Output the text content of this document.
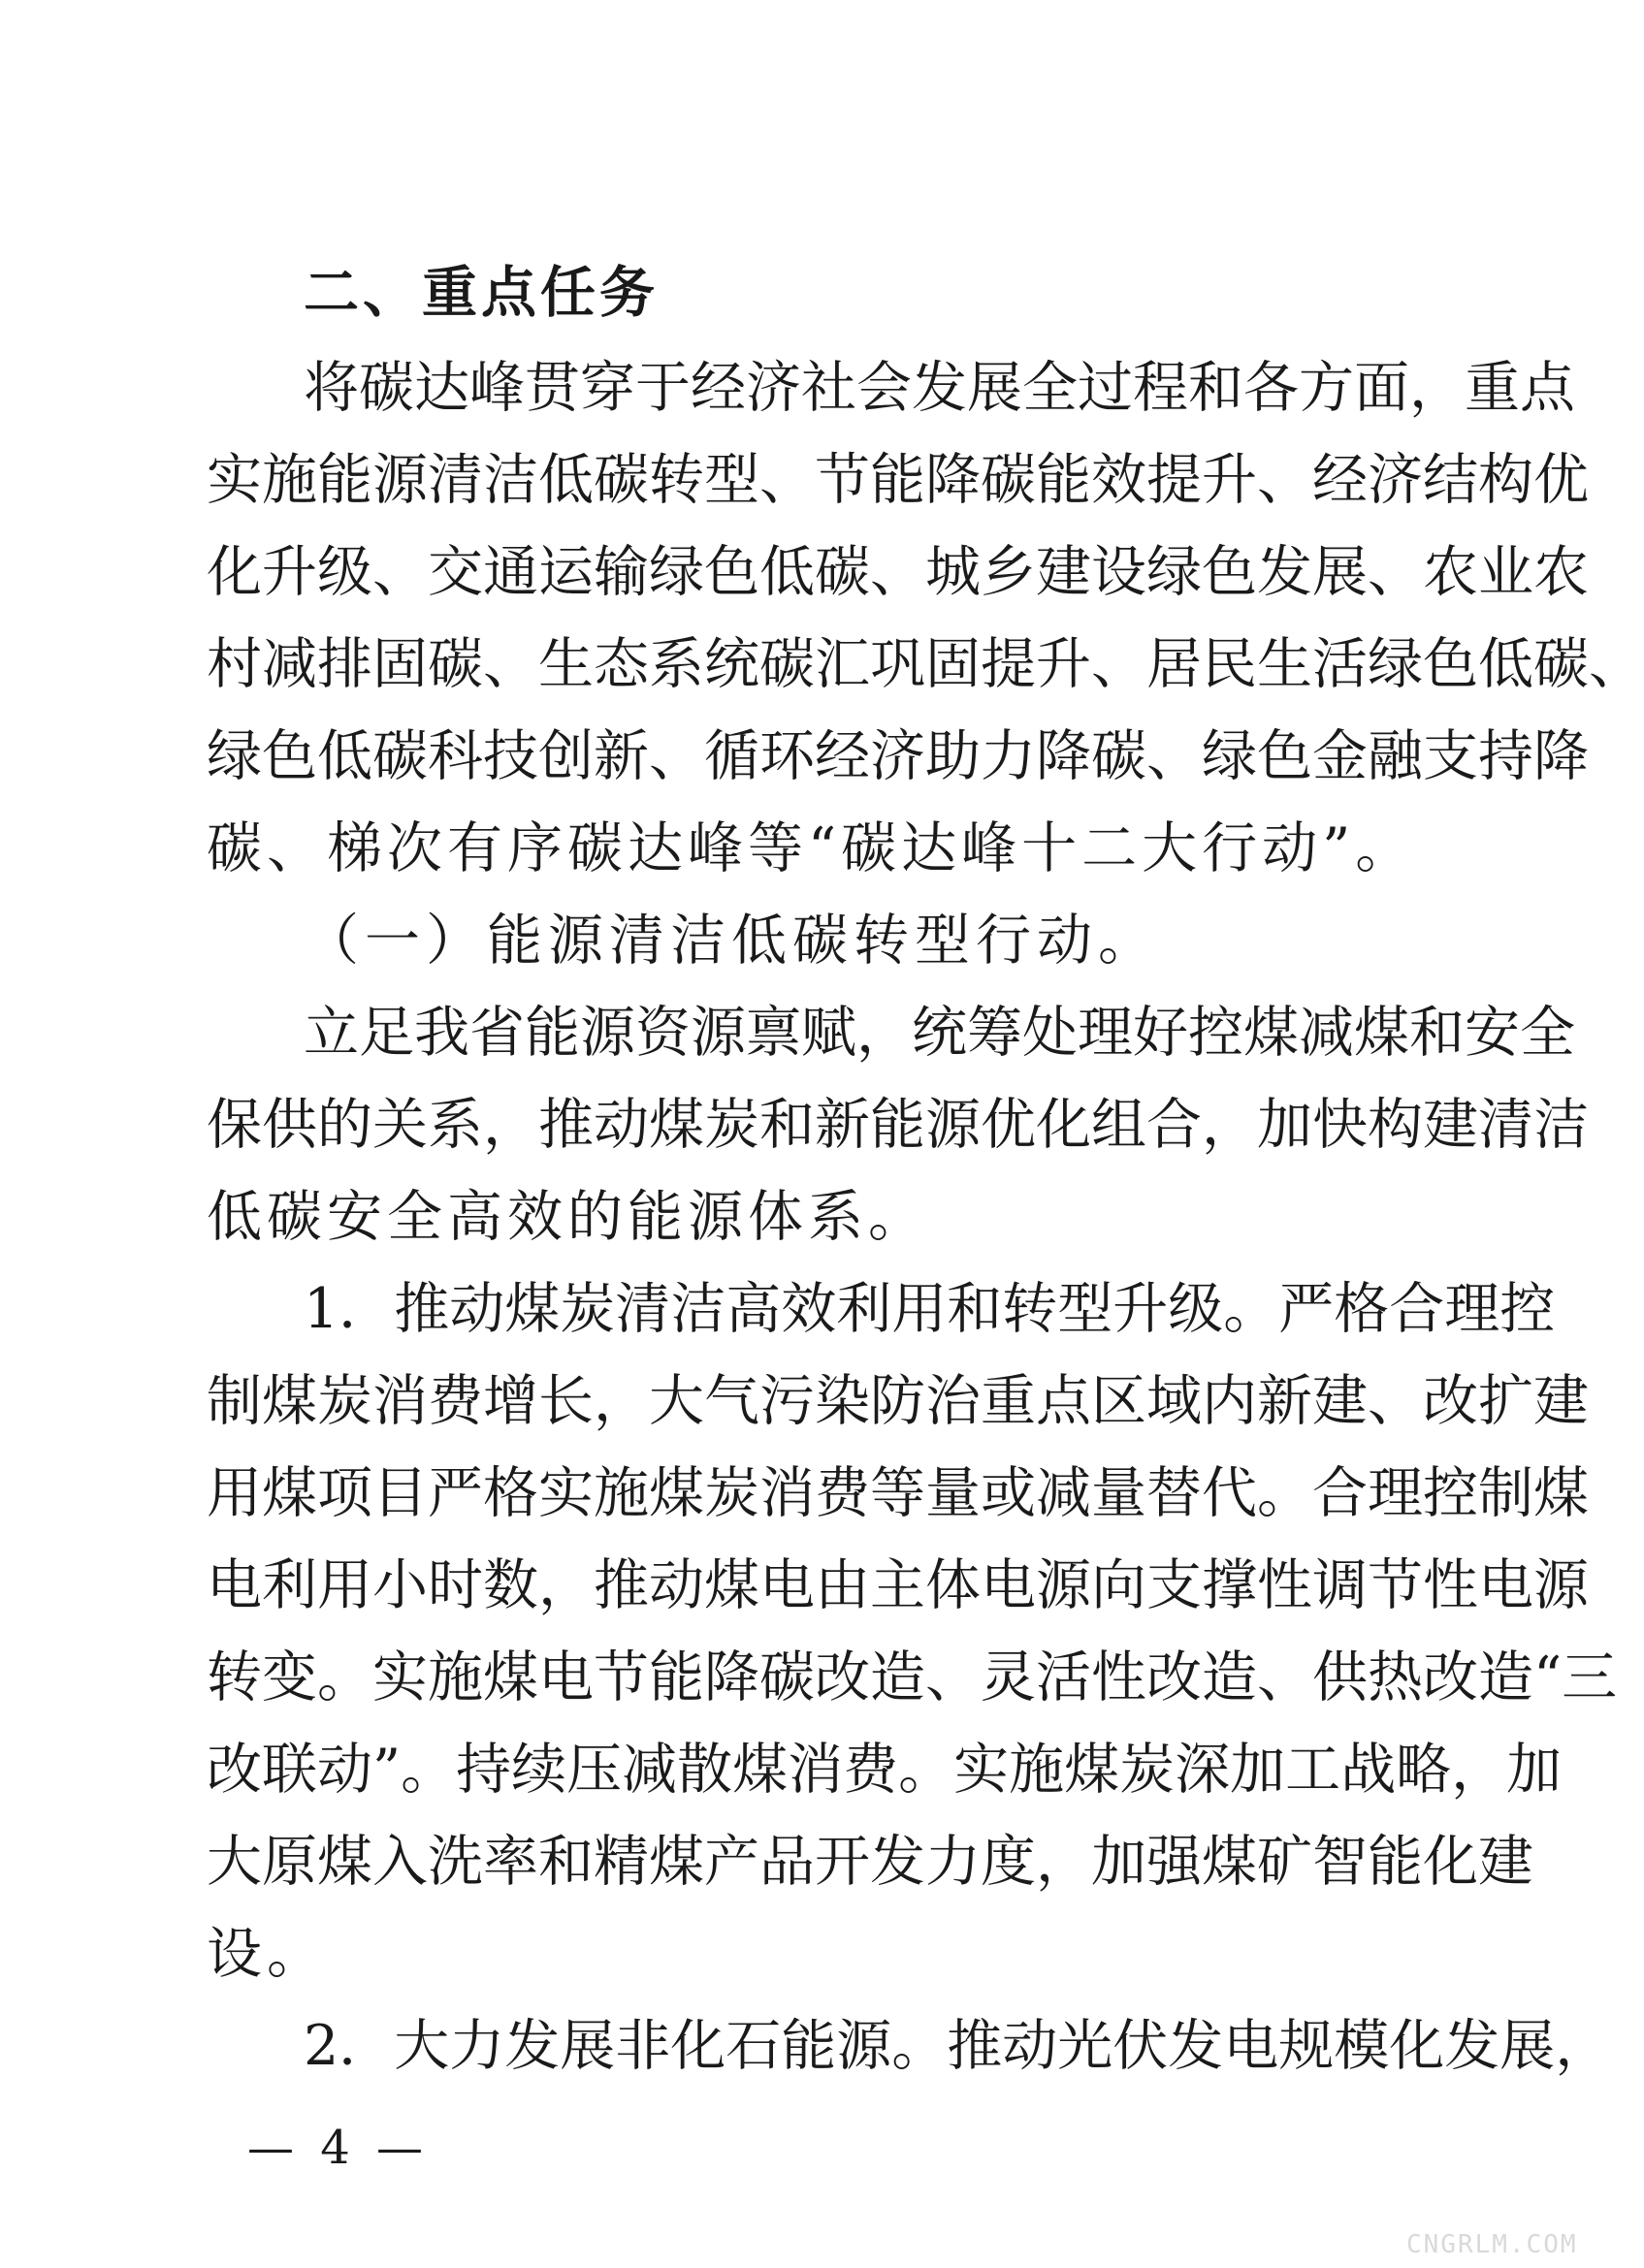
二、重点任务
将 碳 达 峰 贯 穿 于 经 济 社 会 发 展 全 过 程 和 各 方 面 ， 重 点
实 施 能 源 清 洁 低 碳 转 型 、 节 能 降 碳 能 效 提 升 、 经 济 结 构 优
化 升 级 、 交 通 运 输 绿 色 低 碳 、 城 乡 建 设 绿 色 发 展 、 农 业 农
村 减 排 固 碳 、 生 态 系 统 碳 汇 巩 固 提 升 、 居 民 生 活 绿 色 低 碳 、
绿 色 低 碳 科 技 创 新 、 循 环 经 济 助 力 降 碳 、 绿 色 金 融 支 持 降
碳、梯次有序碳达峰等“碳达峰十二大行动”。
（一）能源清洁低碳转型行动。
立 足 我 省 能 源 资 源 禀 赋 ， 统 筹 处 理 好 控 煤 减 煤 和 安 全
保 供 的 关 系 ， 推 动 煤 炭 和 新 能 源 优 化 组 合 ， 加 快 构 建 清 洁
低碳安全高效的能源体系。
1 ． 推 动 煤 炭 清 洁 高 效 利 用 和 转 型 升 级 。 严 格 合 理 控
制 煤 炭 消 费 增 长 ， 大 气 污 染 防 治 重 点 区 域 内 新 建 、 改 扩 建
用 煤 项 目 严 格 实 施 煤 炭 消 费 等 量 或 减 量 替 代 。 合 理 控 制 煤
电 利 用 小 时 数 ， 推 动 煤 电 由 主 体 电 源 向 支 撑 性 调 节 性 电 源
转 变 。 实 施 煤 电 节 能 降 碳 改 造 、 灵 活 性 改 造 、 供 热 改 造 “ 三
改 联 动 ” 。 持 续 压 减 散 煤 消 费 。 实 施 煤 炭 深 加 工 战 略 ， 加
大 原 煤 入 洗 率 和 精 煤 产 品 开 发 力 度 ， 加 强 煤 矿 智 能 化 建
设。
2 ． 大 力 发 展 非 化 石 能 源 。 推 动 光 伏 发 电 规 模 化 发 展 ，
— 4 —
CNGRLM.COM
